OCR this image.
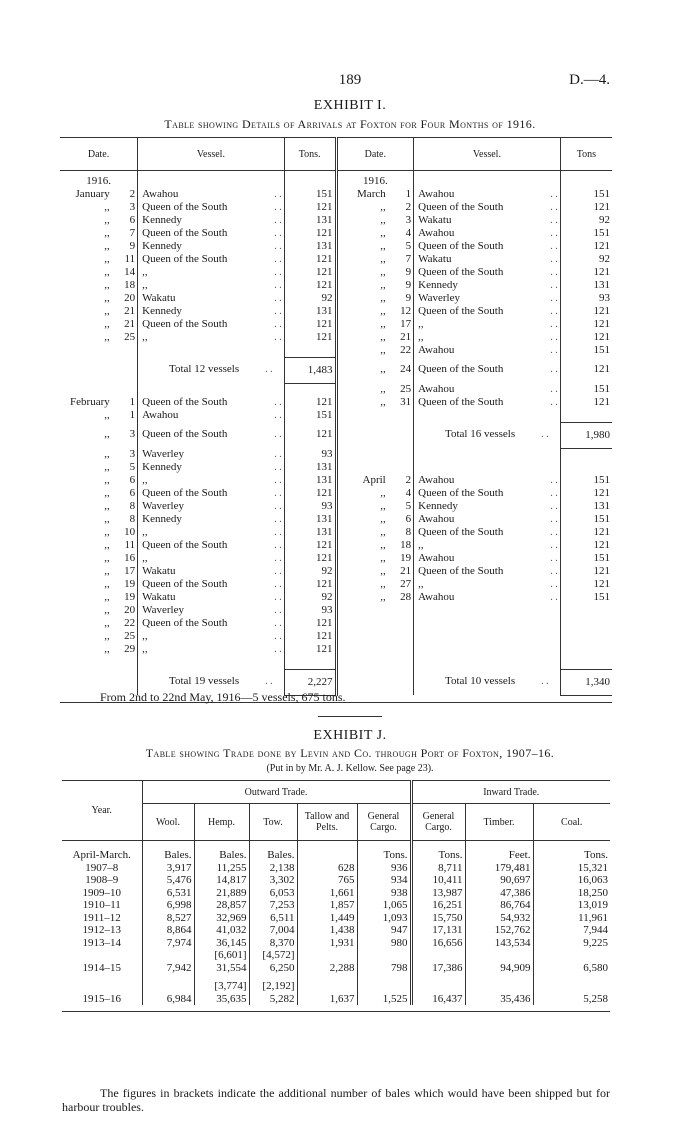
189	D.—4.
EXHIBIT I.
Table showing Details of Arrivals at Foxton for Four Months of 1916.
Date.		Vessel.		Tons.	Date.		Vessel.		Tons
1916.					1916.				
January	2	Awahou	. .	151	March	1	Awahou	. .	151
,,	3	Queen of the South	. .	121	,,	2	Queen of the South	. .	121
,,	6	Kennedy	. .	131	,,	3	Wakatu	. .	92
,,	7	Queen of the South	. .	121	,,	4	Awahou	. .	151
,,	9	Kennedy	. .	131	,,	5	Queen of the South	. .	121
,,	11	Queen of the South	. .	121	,,	7	Wakatu	. .	92
,,	14	,,	. .	121	,,	9	Queen of the South	. .	121
,,	18	,,	. .	121	,,	9	Kennedy	. .	131
,,	20	Wakatu	. .	92	,,	9	Waverley	. .	93
,,	21	Kennedy	. .	131	,,	12	Queen of the South	. .	121
,,	21	Queen of the South	. .	121	,,	17	,,	. .	121
,,	25	,,	. .	121	,,	21	,,	. .	121
					,,	22	Awahou	. .	151
		Total 12 vessels	. .	1,483	,,	24	Queen of the South	. .	121
					,,	25	Awahou	. .	151
February	1	Queen of the South	. .	121	,,	31	Queen of the South	. .	121
,,	1	Awahou	. .	151					
,,	3	Queen of the South	. .	121			Total 16 vessels	. .	1,980
,,	3	Waverley	. .	93					
,,	5	Kennedy	. .	131					
,,	6	,,	. .	131	April	2	Awahou	. .	151
,,	6	Queen of the South	. .	121	,,	4	Queen of the South	. .	121
,,	8	Waverley	. .	93	,,	5	Kennedy	. .	131
,,	8	Kennedy	. .	131	,,	6	Awahou	. .	151
,,	10	,,	. .	131	,,	8	Queen of the South	. .	121
,,	11	Queen of the South	. .	121	,,	18	,,	. .	121
,,	16	,,	. .	121	,,	19	Awahou	. .	151
,,	17	Wakatu	. .	92	,,	21	Queen of the South	. .	121
,,	19	Queen of the South	. .	121	,,	27	,,	. .	121
,,	19	Wakatu	. .	92	,,	28	Awahou	. .	151
,,	20	Waverley	. .	93					
,,	22	Queen of the South	. .	121					
,,	25	,,	. .	121					
,,	29	,,	. .	121					

		Total 19 vessels	. .	2,227			Total 10 vessels	. .	1,340

From 2nd to 22nd May, 1916—5 vessels, 675 tons.
EXHIBIT J.
Table showing Trade done by Levin and Co. through Port of Foxton, 1907–16.
(Put in by Mr. A. J. Kellow. See page 23).
Year.	Outward Trade.					Inward Trade.		
	Wool.	Hemp.	Tow.	Tallow and Pelts.	General Cargo.	General Cargo.	Timber.	Coal.
April-March.	Bales.	Bales.	Bales.		Tons.	Tons.	Feet.	Tons.
1907–8	3,917	11,255	2,138	628	936	8,711	179,481	15,321
1908–9	5,476	14,817	3,302	765	934	10,411	90,697	16,063
1909–10	6,531	21,889	6,053	1,661	938	13,987	47,386	18,250
1910–11	6,998	28,857	7,253	1,857	1,065	16,251	86,764	13,019
1911–12	8,527	32,969	6,511	1,449	1,093	15,750	54,932	11,961
1912–13	8,864	41,032	7,004	1,438	947	17,131	152,762	7,944
1913–14	7,974	36,145	8,370	1,931	980	16,656	143,534	9,225
		[6,601]	[4,572]					
1914–15	7,942	31,554	6,250	2,288	798	17,386	94,909	6,580

		[3,774]	[2,192]					
1915–16	6,984	35,635	5,282	1,637	1,525	16,437	35,436	5,258
The figures in brackets indicate the additional number of bales which would have been shipped but for harbour troubles.
